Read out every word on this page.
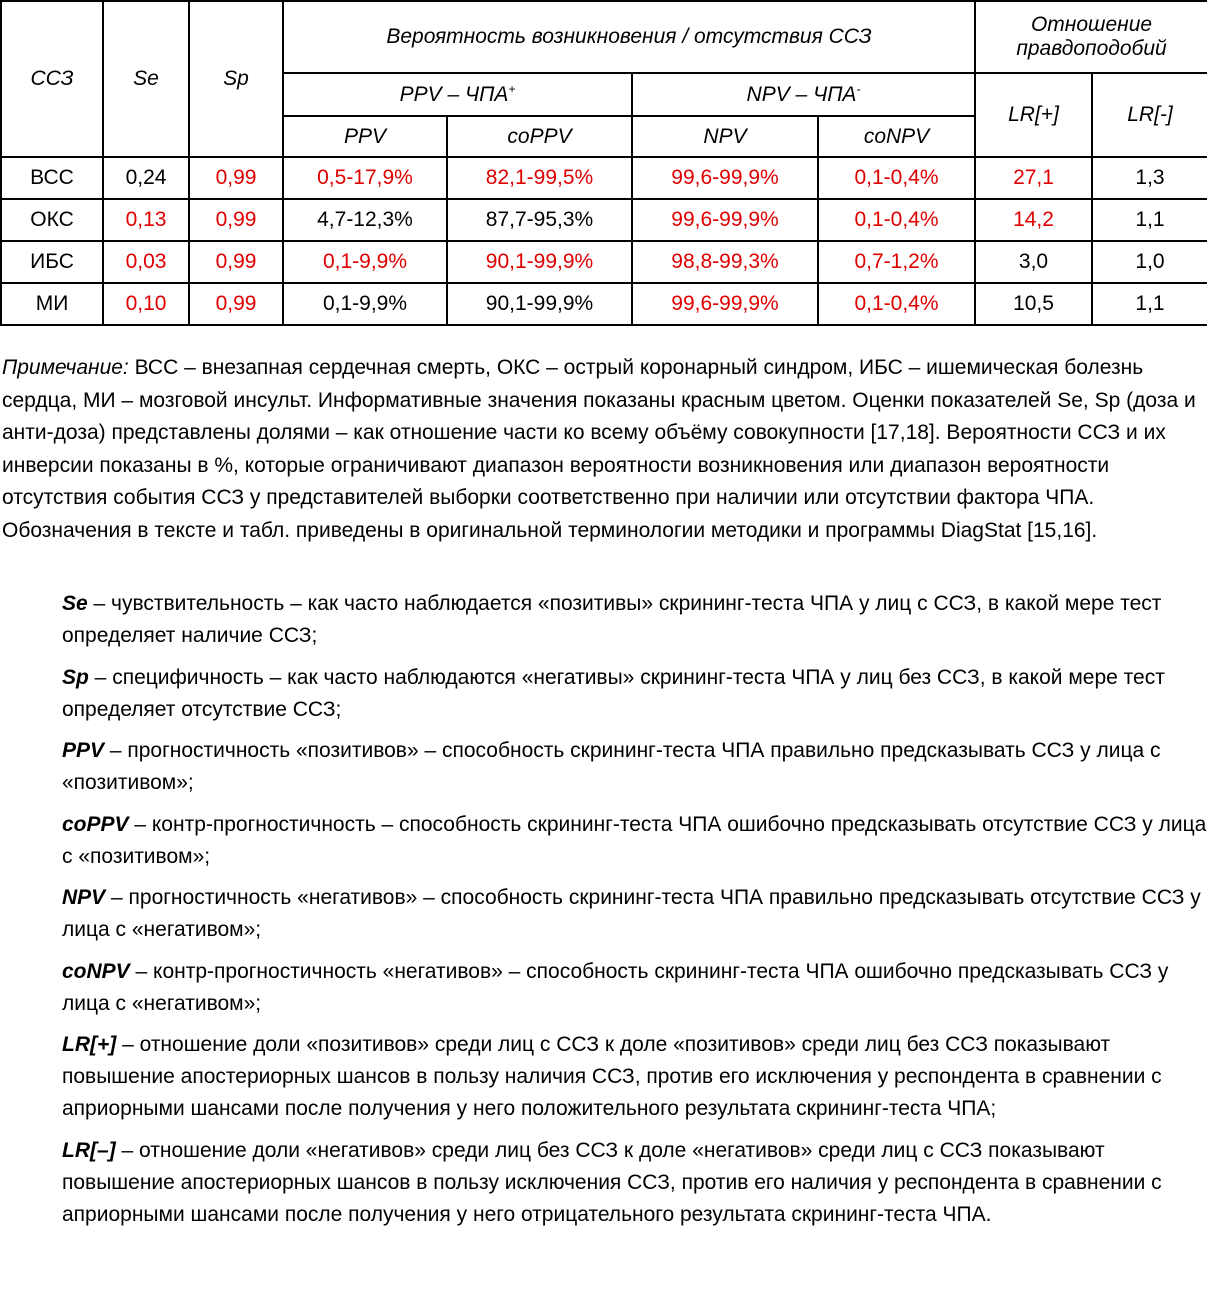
ССЗ	Se	Sp	Вероятность возникновения / отсутствия ССЗ				Отношение
правдоподобий	
			PPV – ЧПА+		NPV – ЧПА-		LR[+]	LR[-]
			PPV	coPPV	NPV	coNPV		
ВСС	0,24	0,99	0,5-17,9%	82,1-99,5%	99,6-99,9%	0,1-0,4%	27,1	1,3
ОКС	0,13	0,99	4,7-12,3%	87,7-95,3%	99,6-99,9%	0,1-0,4%	14,2	1,1
ИБС	0,03	0,99	0,1-9,9%	90,1-99,9%	98,8-99,3%	0,7-1,2%	3,0	1,0
МИ	0,10	0,99	0,1-9,9%	90,1-99,9%	99,6-99,9%	0,1-0,4%	10,5	1,1

Примечание: ВСС – внезапная сердечная смерть, ОКС – острый коронарный синдром, ИБС – ишемическая болезнь сердца, МИ – мозговой инсульт. Информативные значения показаны красным цветом. Оценки показателей Se, Sp (доза и анти-доза) представлены долями – как отношение части ко всему объёму совокупности [17,18]. Вероятности ССЗ и их инверсии показаны в %, которые ограничивают диапазон вероятности возникновения или диапазон вероятности отсутствия события ССЗ у представителей выборки соответственно при наличии или отсутствии фактора ЧПА. Обозначения в тексте и табл. приведены в оригинальной терминологии методики и программы DiagStat [15,16].

Se – чувствительность – как часто наблюдается «позитивы» скрининг-теста ЧПА у лиц с ССЗ, в какой мере тест определяет наличие ССЗ;

Sp – специфичность – как часто наблюдаются «негативы» скрининг-теста ЧПА у лиц без ССЗ, в какой мере тест определяет отсутствие ССЗ;

PPV – прогностичность «позитивов» – способность скрининг-теста ЧПА правильно предсказывать ССЗ у лица с «позитивом»;

coPPV – контр-прогностичность – способность скрининг-теста ЧПА ошибочно предсказывать отсутствие ССЗ у лица с «позитивом»;

NPV – прогностичность «негативов» – способность скрининг-теста ЧПА правильно предсказывать отсутствие ССЗ у лица с «негативом»;

coNPV – контр-прогностичность «негативов» – способность скрининг-теста ЧПА ошибочно предсказывать ССЗ у лица с «негативом»;

LR[+] – отношение доли «позитивов» среди лиц с ССЗ к доле «позитивов» среди лиц без ССЗ показывают повышение апостериорных шансов в пользу наличия ССЗ, против его исключения у респондента в сравнении с априорными шансами после получения у него положительного результата скрининг-теста ЧПА;

LR[–] – отношение доли «негативов» среди лиц без ССЗ к доле «негативов» среди лиц с ССЗ показывают повышение апостериорных шансов в пользу исключения ССЗ, против его наличия у респондента в сравнении с априорными шансами после получения у него отрицательного результата скрининг-теста ЧПА.
